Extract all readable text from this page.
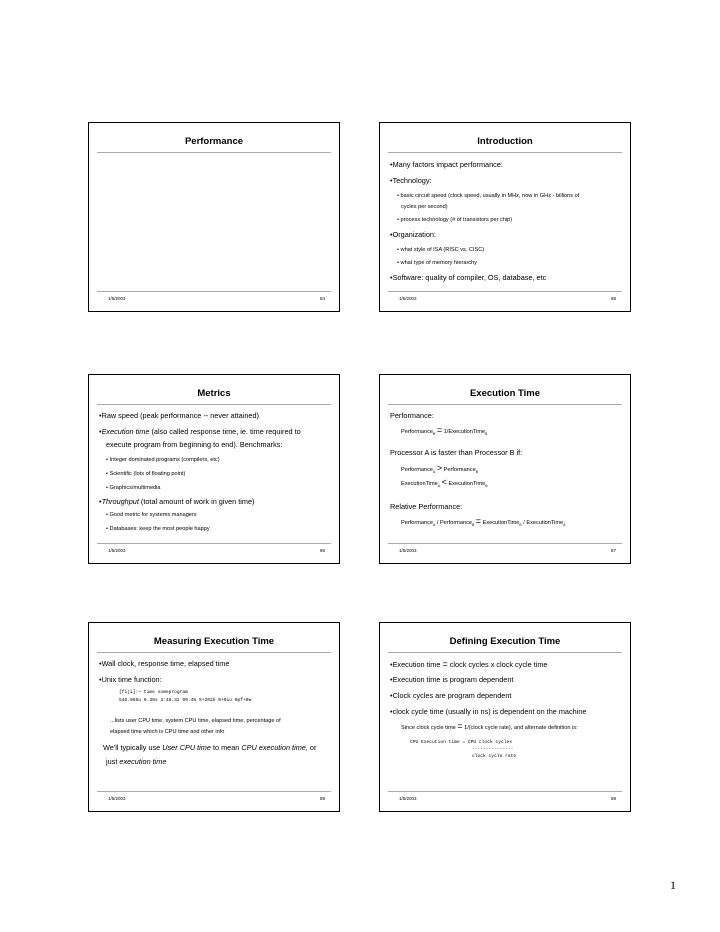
Performance
1/5/2003	84
Introduction
•Many factors impact performance:
•Technology:
• basic circuit speed (clock speed, usually in MHz, now in GHz - billions of
cycles per second)
• process technology (# of transistors per chip)
•Organization:
• what style of ISA (RISC vs. CISC)
• what type of memory hierarchy
•Software: quality of compiler, OS, database, etc
1/5/2003	85
Metrics
•Raw speed (peak performance -- never attained)
•Execution time (also called response time, ie. time required to
execute program from beginning to end). Benchmarks:
• Integer dominated programs (compilers, etc)
• Scientific (lots of floating point)
• Graphics/multimedia
•Throughput (total amount of work in given time)
• Good metric for systems managers
• Databases: keep the most people happy
1/5/2003	86
Execution Time
Performance:
Performance$_B$ = 1/ExecutionTime$_B$
Processor A is faster than Processor B if:
Performance$_A$ > Performance$_B$
ExecutionTime$_A$ < ExecutionTime$_B$
Relative Performance:
Performance$_A$ / Performance$_B$ = ExecutionTime$_B$ / ExecutionTime$_A$
1/5/2003	87
Measuring Execution Time
•Wall clock, response time, elapsed time
•Unix time function:
[fiji]:~ time someprogram
546.085u 0.39s 3:48.32 99.4% 5+202k 0+0io 0pf+0w
...lists user CPU time, system CPU time, elapsed time, percentage of
elapsed time which is CPU time and other info
We'll typically use User CPU time to mean CPU execution time, or
just execution time
1/5/2003	88
Defining Execution Time
•Execution time = clock cycles x clock cycle time
•Execution time is program dependent
•Clock cycles are program dependent
•clock cycle time (usually in ns) is dependent on the machine
Since clock cycle time = 1/(clock cycle rate), and alternate definition is:
CPU Execution time = CPU clock cycles
---------------
clock cycle rate
1/5/2003	89
1
